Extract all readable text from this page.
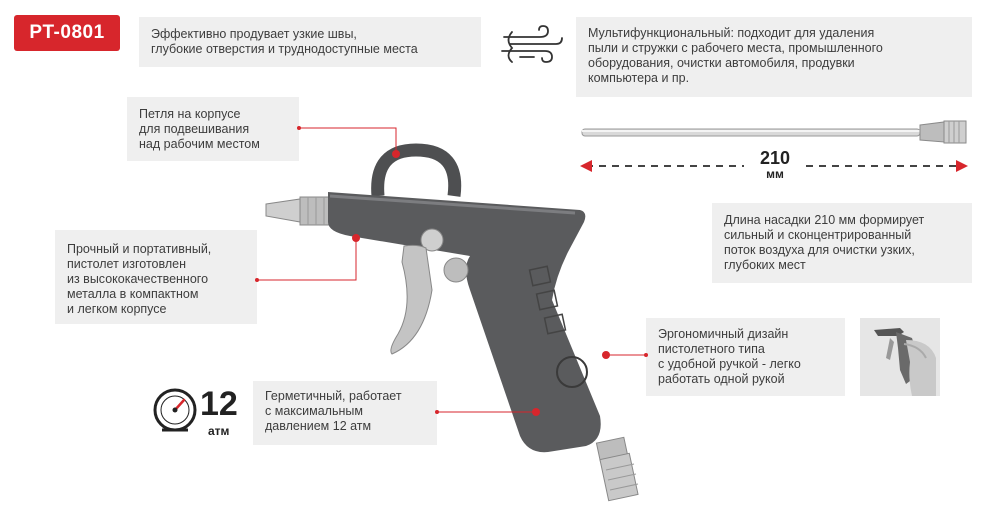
PT-0801	Эффективно продувает узкие швы,
глубокие отверстия и труднодоступные места
Мультифункциональный: подходит для удаления
пыли и стружки с рабочего места, промышленного
оборудования, очистки автомобиля, продувки
компьютера и пр.
Петля на корпусе
для подвешивания
над рабочим местом
Прочный и портативный,
пистолет изготовлен
из высококачественного
металла в компактном
и легком корпусе
Длина насадки 210 мм формирует
сильный и сконцентрированный
поток воздуха для очистки узких,
глубоких мест
Эргономичный дизайн
пистолетного типа
с удобной ручкой - легко
работать одной рукой
Герметичный, работает
с максимальным
давлением 12 атм
210
мм
12
атм
